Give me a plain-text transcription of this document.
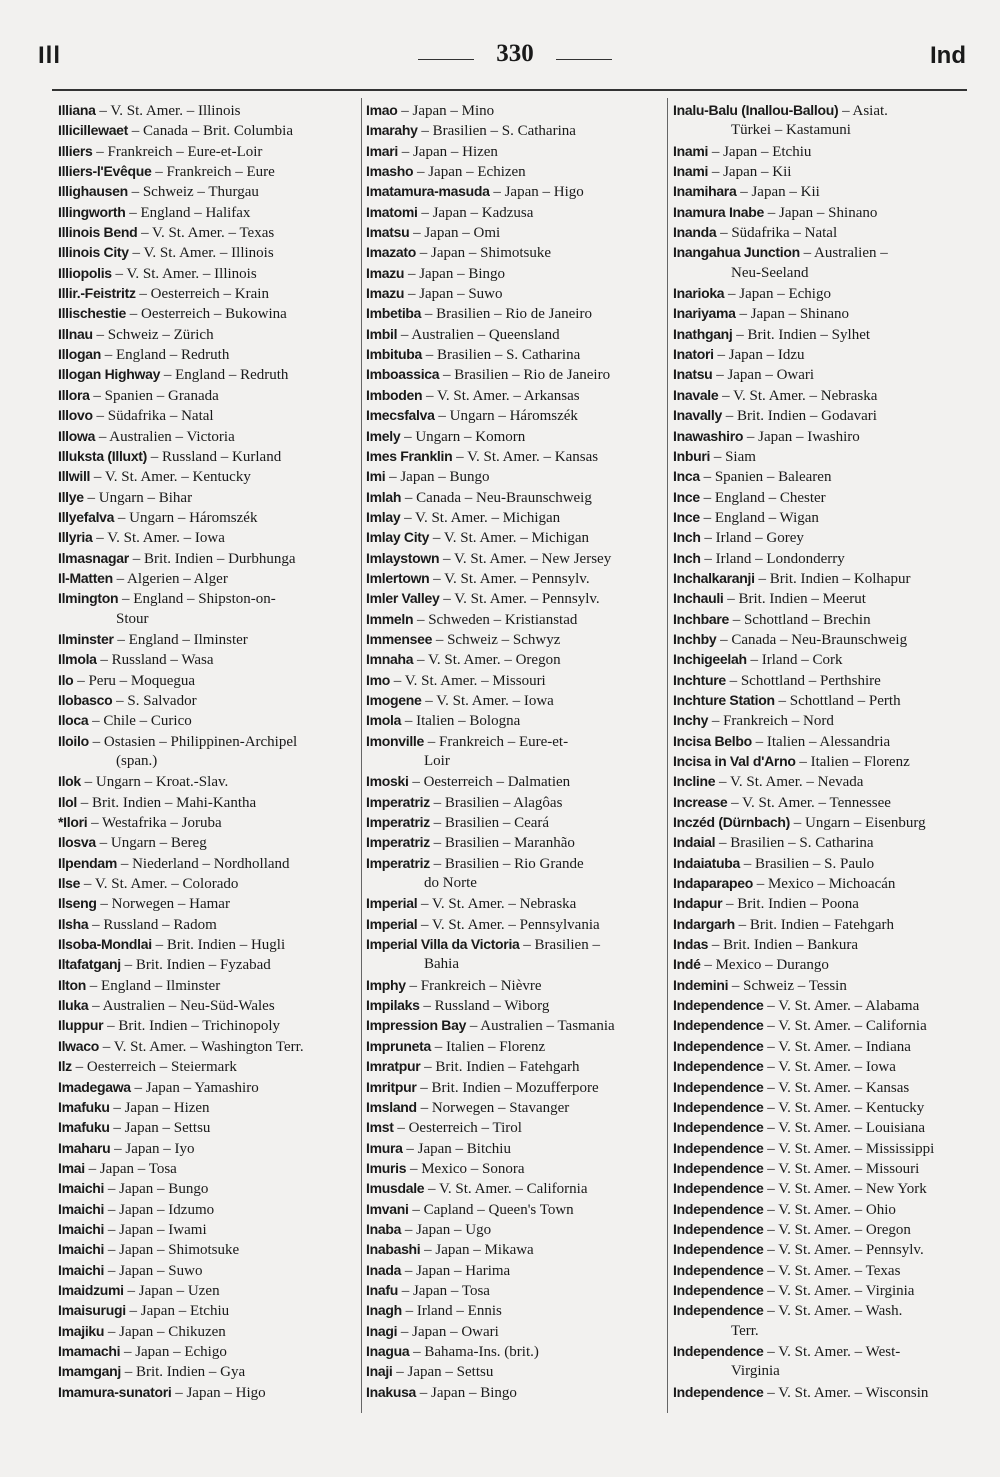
Ill	330	Ind
Illiana – V. St. Amer. – Illinois
Illicillewaet – Canada – Brit. Columbia
Illiers – Frankreich – Eure-et-Loir
Illiers-l'Evêque – Frankreich – Eure
Illighausen – Schweiz – Thurgau
Illingworth – England – Halifax
Illinois Bend – V. St. Amer. – Texas
Illinois City – V. St. Amer. – Illinois
Illiopolis – V. St. Amer. – Illinois
Illir.-Feistritz – Oesterreich – Krain
Illischestie – Oesterreich – Bukowina
Illnau – Schweiz – Zürich
Illogan – England – Redruth
Illogan Highway – England – Redruth
Illora – Spanien – Granada
Illovo – Südafrika – Natal
Illowa – Australien – Victoria
Illuksta (Illuxt) – Russland – Kurland
Illwill – V. St. Amer. – Kentucky
Illye – Ungarn – Bihar
Illyefalva – Ungarn – Háromszék
Illyria – V. St. Amer. – Iowa
Ilmasnagar – Brit. Indien – Durbhunga
Il-Matten – Algerien – Alger
Ilmington – England – Shipston-on-
Stour
Ilminster – England – Ilminster
Ilmola – Russland – Wasa
Ilo – Peru – Moquegua
Ilobasco – S. Salvador
Iloca – Chile – Curico
Iloilo – Ostasien – Philippinen-Archipel
(span.)
Ilok – Ungarn – Kroat.-Slav.
Ilol – Brit. Indien – Mahi-Kantha
*Ilori – Westafrika – Joruba
Ilosva – Ungarn – Bereg
Ilpendam – Niederland – Nordholland
Ilse – V. St. Amer. – Colorado
Ilseng – Norwegen – Hamar
Ilsha – Russland – Radom
Ilsoba-Mondlai – Brit. Indien – Hugli
Iltafatganj – Brit. Indien – Fyzabad
Ilton – England – Ilminster
Iluka – Australien – Neu-Süd-Wales
Iluppur – Brit. Indien – Trichinopoly
Ilwaco – V. St. Amer. – Washington Terr.
Ilz – Oesterreich – Steiermark
Imadegawa – Japan – Yamashiro
Imafuku – Japan – Hizen
Imafuku – Japan – Settsu
Imaharu – Japan – Iyo
Imai – Japan – Tosa
Imaichi – Japan – Bungo
Imaichi – Japan – Idzumo
Imaichi – Japan – Iwami
Imaichi – Japan – Shimotsuke
Imaichi – Japan – Suwo
Imaidzumi – Japan – Uzen
Imaisurugi – Japan – Etchiu
Imajiku – Japan – Chikuzen
Imamachi – Japan – Echigo
Imamganj – Brit. Indien – Gya
Imamura-sunatori – Japan – Higo
Imao – Japan – Mino
Imarahy – Brasilien – S. Catharina
Imari – Japan – Hizen
Imasho – Japan – Echizen
Imatamura-masuda – Japan – Higo
Imatomi – Japan – Kadzusa
Imatsu – Japan – Omi
Imazato – Japan – Shimotsuke
Imazu – Japan – Bingo
Imazu – Japan – Suwo
Imbetiba – Brasilien – Rio de Janeiro
Imbil – Australien – Queensland
Imbituba – Brasilien – S. Catharina
Imboassica – Brasilien – Rio de Janeiro
Imboden – V. St. Amer. – Arkansas
Imecsfalva – Ungarn – Háromszék
Imely – Ungarn – Komorn
Imes Franklin – V. St. Amer. – Kansas
Imi – Japan – Bungo
Imlah – Canada – Neu-Braunschweig
Imlay – V. St. Amer. – Michigan
Imlay City – V. St. Amer. – Michigan
Imlaystown – V. St. Amer. – New Jersey
Imlertown – V. St. Amer. – Pennsylv.
Imler Valley – V. St. Amer. – Pennsylv.
Immeln – Schweden – Kristianstad
Immensee – Schweiz – Schwyz
Imnaha – V. St. Amer. – Oregon
Imo – V. St. Amer. – Missouri
Imogene – V. St. Amer. – Iowa
Imola – Italien – Bologna
Imonville – Frankreich – Eure-et-
Loir
Imoski – Oesterreich – Dalmatien
Imperatriz – Brasilien – Alagôas
Imperatriz – Brasilien – Ceará
Imperatriz – Brasilien – Maranhão
Imperatriz – Brasilien – Rio Grande
do Norte
Imperial – V. St. Amer. – Nebraska
Imperial – V. St. Amer. – Pennsylvania
Imperial Villa da Victoria – Brasilien –
Bahia
Imphy – Frankreich – Nièvre
Impilaks – Russland – Wiborg
Impression Bay – Australien – Tasmania
Impruneta – Italien – Florenz
Imratpur – Brit. Indien – Fatehgarh
Imritpur – Brit. Indien – Mozufferpore
Imsland – Norwegen – Stavanger
Imst – Oesterreich – Tirol
Imura – Japan – Bitchiu
Imuris – Mexico – Sonora
Imusdale – V. St. Amer. – California
Imvani – Capland – Queen's Town
Inaba – Japan – Ugo
Inabashi – Japan – Mikawa
Inada – Japan – Harima
Inafu – Japan – Tosa
Inagh – Irland – Ennis
Inagi – Japan – Owari
Inagua – Bahama-Ins. (brit.)
Inaji – Japan – Settsu
Inakusa – Japan – Bingo
Inalu-Balu (Inallou-Ballou) – Asiat.
Türkei – Kastamuni
Inami – Japan – Etchiu
Inami – Japan – Kii
Inamihara – Japan – Kii
Inamura Inabe – Japan – Shinano
Inanda – Südafrika – Natal
Inangahua Junction – Australien –
Neu-Seeland
Inarioka – Japan – Echigo
Inariyama – Japan – Shinano
Inathganj – Brit. Indien – Sylhet
Inatori – Japan – Idzu
Inatsu – Japan – Owari
Inavale – V. St. Amer. – Nebraska
Inavally – Brit. Indien – Godavari
Inawashiro – Japan – Iwashiro
Inburi – Siam
Inca – Spanien – Balearen
Ince – England – Chester
Ince – England – Wigan
Inch – Irland – Gorey
Inch – Irland – Londonderry
Inchalkaranji – Brit. Indien – Kolhapur
Inchauli – Brit. Indien – Meerut
Inchbare – Schottland – Brechin
Inchby – Canada – Neu-Braunschweig
Inchigeelah – Irland – Cork
Inchture – Schottland – Perthshire
Inchture Station – Schottland – Perth
Inchy – Frankreich – Nord
Incisa Belbo – Italien – Alessandria
Incisa in Val d'Arno – Italien – Florenz
Incline – V. St. Amer. – Nevada
Increase – V. St. Amer. – Tennessee
Inczéd (Dürnbach) – Ungarn – Eisenburg
Indaial – Brasilien – S. Catharina
Indaiatuba – Brasilien – S. Paulo
Indaparapeo – Mexico – Michoacán
Indapur – Brit. Indien – Poona
Indargarh – Brit. Indien – Fatehgarh
Indas – Brit. Indien – Bankura
Indé – Mexico – Durango
Indemini – Schweiz – Tessin
Independence – V. St. Amer. – Alabama
Independence – V. St. Amer. – California
Independence – V. St. Amer. – Indiana
Independence – V. St. Amer. – Iowa
Independence – V. St. Amer. – Kansas
Independence – V. St. Amer. – Kentucky
Independence – V. St. Amer. – Louisiana
Independence – V. St. Amer. – Mississippi
Independence – V. St. Amer. – Missouri
Independence – V. St. Amer. – New York
Independence – V. St. Amer. – Ohio
Independence – V. St. Amer. – Oregon
Independence – V. St. Amer. – Pennsylv.
Independence – V. St. Amer. – Texas
Independence – V. St. Amer. – Virginia
Independence – V. St. Amer. – Wash.
Terr.
Independence – V. St. Amer. – West-
Virginia
Independence – V. St. Amer. – Wisconsin
